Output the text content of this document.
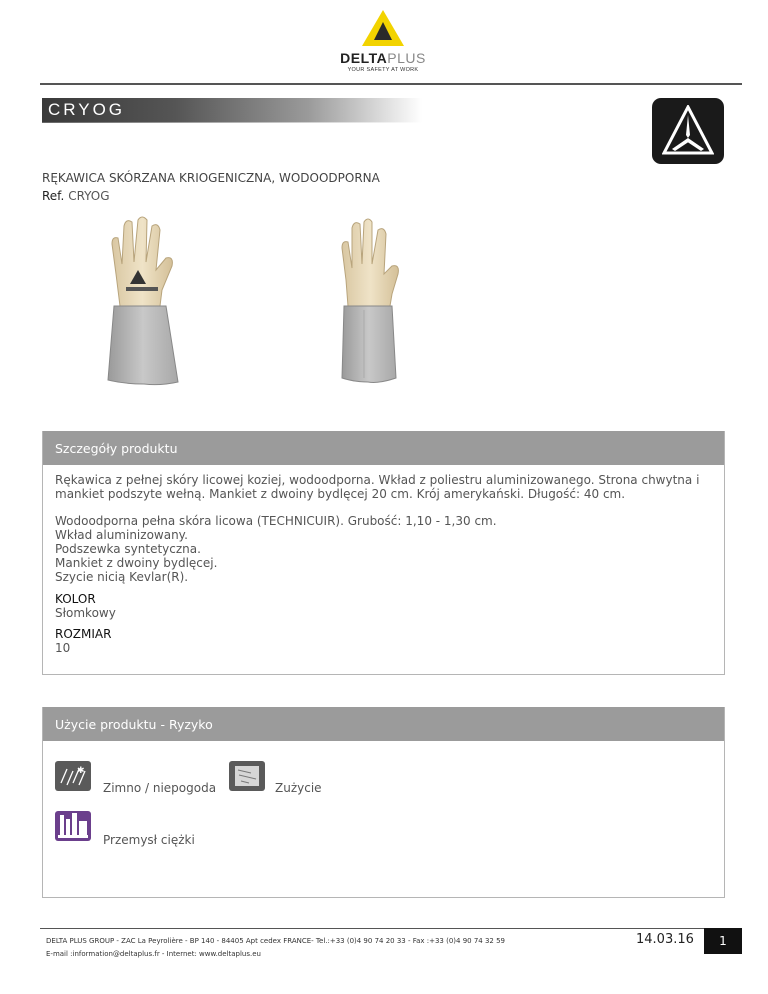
DELTAPLUS
YOUR SAFETY AT WORK
CRYOG
RĘKAWICA SKÓRZANA KRIOGENICZNA, WODOODPORNA
Ref. CRYOG
Szczegóły produktu
Rękawica z pełnej skóry licowej koziej, wodoodporna. Wkład z poliestru aluminizowanego. Strona chwytna i
mankiet podszyte wełną. Mankiet z dwoiny bydlęcej 20 cm. Krój amerykański. Długość: 40 cm.
Wodoodporna pełna skóra licowa (TECHNICUIR). Grubość: 1,10 - 1,30 cm.
Wkład aluminizowany.
Podszewka syntetyczna.
Mankiet z dwoiny bydlęcej.
Szycie nicią Kevlar(R).
KOLOR
Słomkowy
ROZMIAR
10
Użycie produktu - Ryzyko
✱
Zimno / niepogoda	Zużycie
Przemysł ciężki
DELTA PLUS GROUP - ZAC La Peyrolière - BP 140 - 84405 Apt cedex FRANCE- Tel.:+33 (0)4 90 74 20 33 - Fax :+33 (0)4 90 74 32 59
E-mail :information@deltaplus.fr - Internet: www.deltaplus.eu
14.03.16	1
